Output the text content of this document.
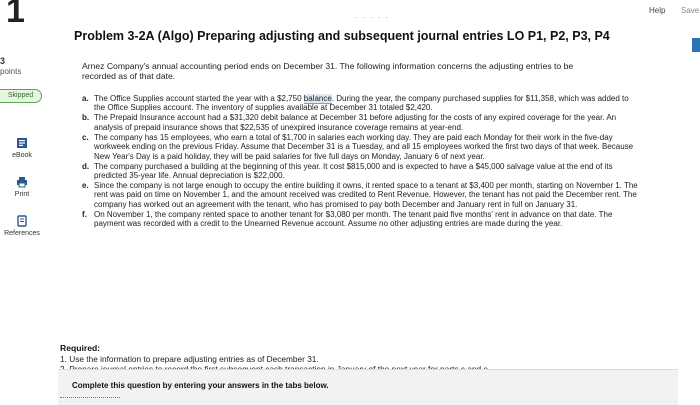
1
3
points
Skipped
eBook
Print
References
· · · · ·
Help Save
Problem 3-2A (Algo) Preparing adjusting and subsequent journal entries LO P1, P2, P3, P4
Arnez Company's annual accounting period ends on December 31. The following information concerns the adjusting entries to be
recorded as of that date.
a. The Office Supplies account started the year with a $2,750 balance. During the year, the company purchased supplies for $11,358, which was added to the Office Supplies account. The inventory of supplies available at December 31 totaled $2,420.
b. The Prepaid Insurance account had a $31,320 debit balance at December 31 before adjusting for the costs of any expired coverage for the year. An analysis of prepaid insurance shows that $22,535 of unexpired insurance coverage remains at year-end.
c. The company has 15 employees, who earn a total of $1,700 in salaries each working day. They are paid each Monday for their work in the five-day workweek ending on the previous Friday. Assume that December 31 is a Tuesday, and all 15 employees worked the first two days of that week. Because New Year's Day is a paid holiday, they will be paid salaries for five full days on Monday, January 6 of next year.
d. The company purchased a building at the beginning of this year. It cost $815,000 and is expected to have a $45,000 salvage value at the end of its predicted 35-year life. Annual depreciation is $22,000.
e. Since the company is not large enough to occupy the entire building it owns, it rented space to a tenant at $3,400 per month, starting on November 1. The rent was paid on time on November 1, and the amount received was credited to Rent Revenue. However, the tenant has not paid the December rent. The company has worked out an agreement with the tenant, who has promised to pay both December and January rent in full on January 31.
f. On November 1, the company rented space to another tenant for $3,080 per month. The tenant paid five months' rent in advance on that date. The payment was recorded with a credit to the Unearned Revenue account. Assume no other adjusting entries are made during the year.
Required:
1. Use the information to prepare adjusting entries as of December 31.
Complete this question by entering your answers in the tabs below.
